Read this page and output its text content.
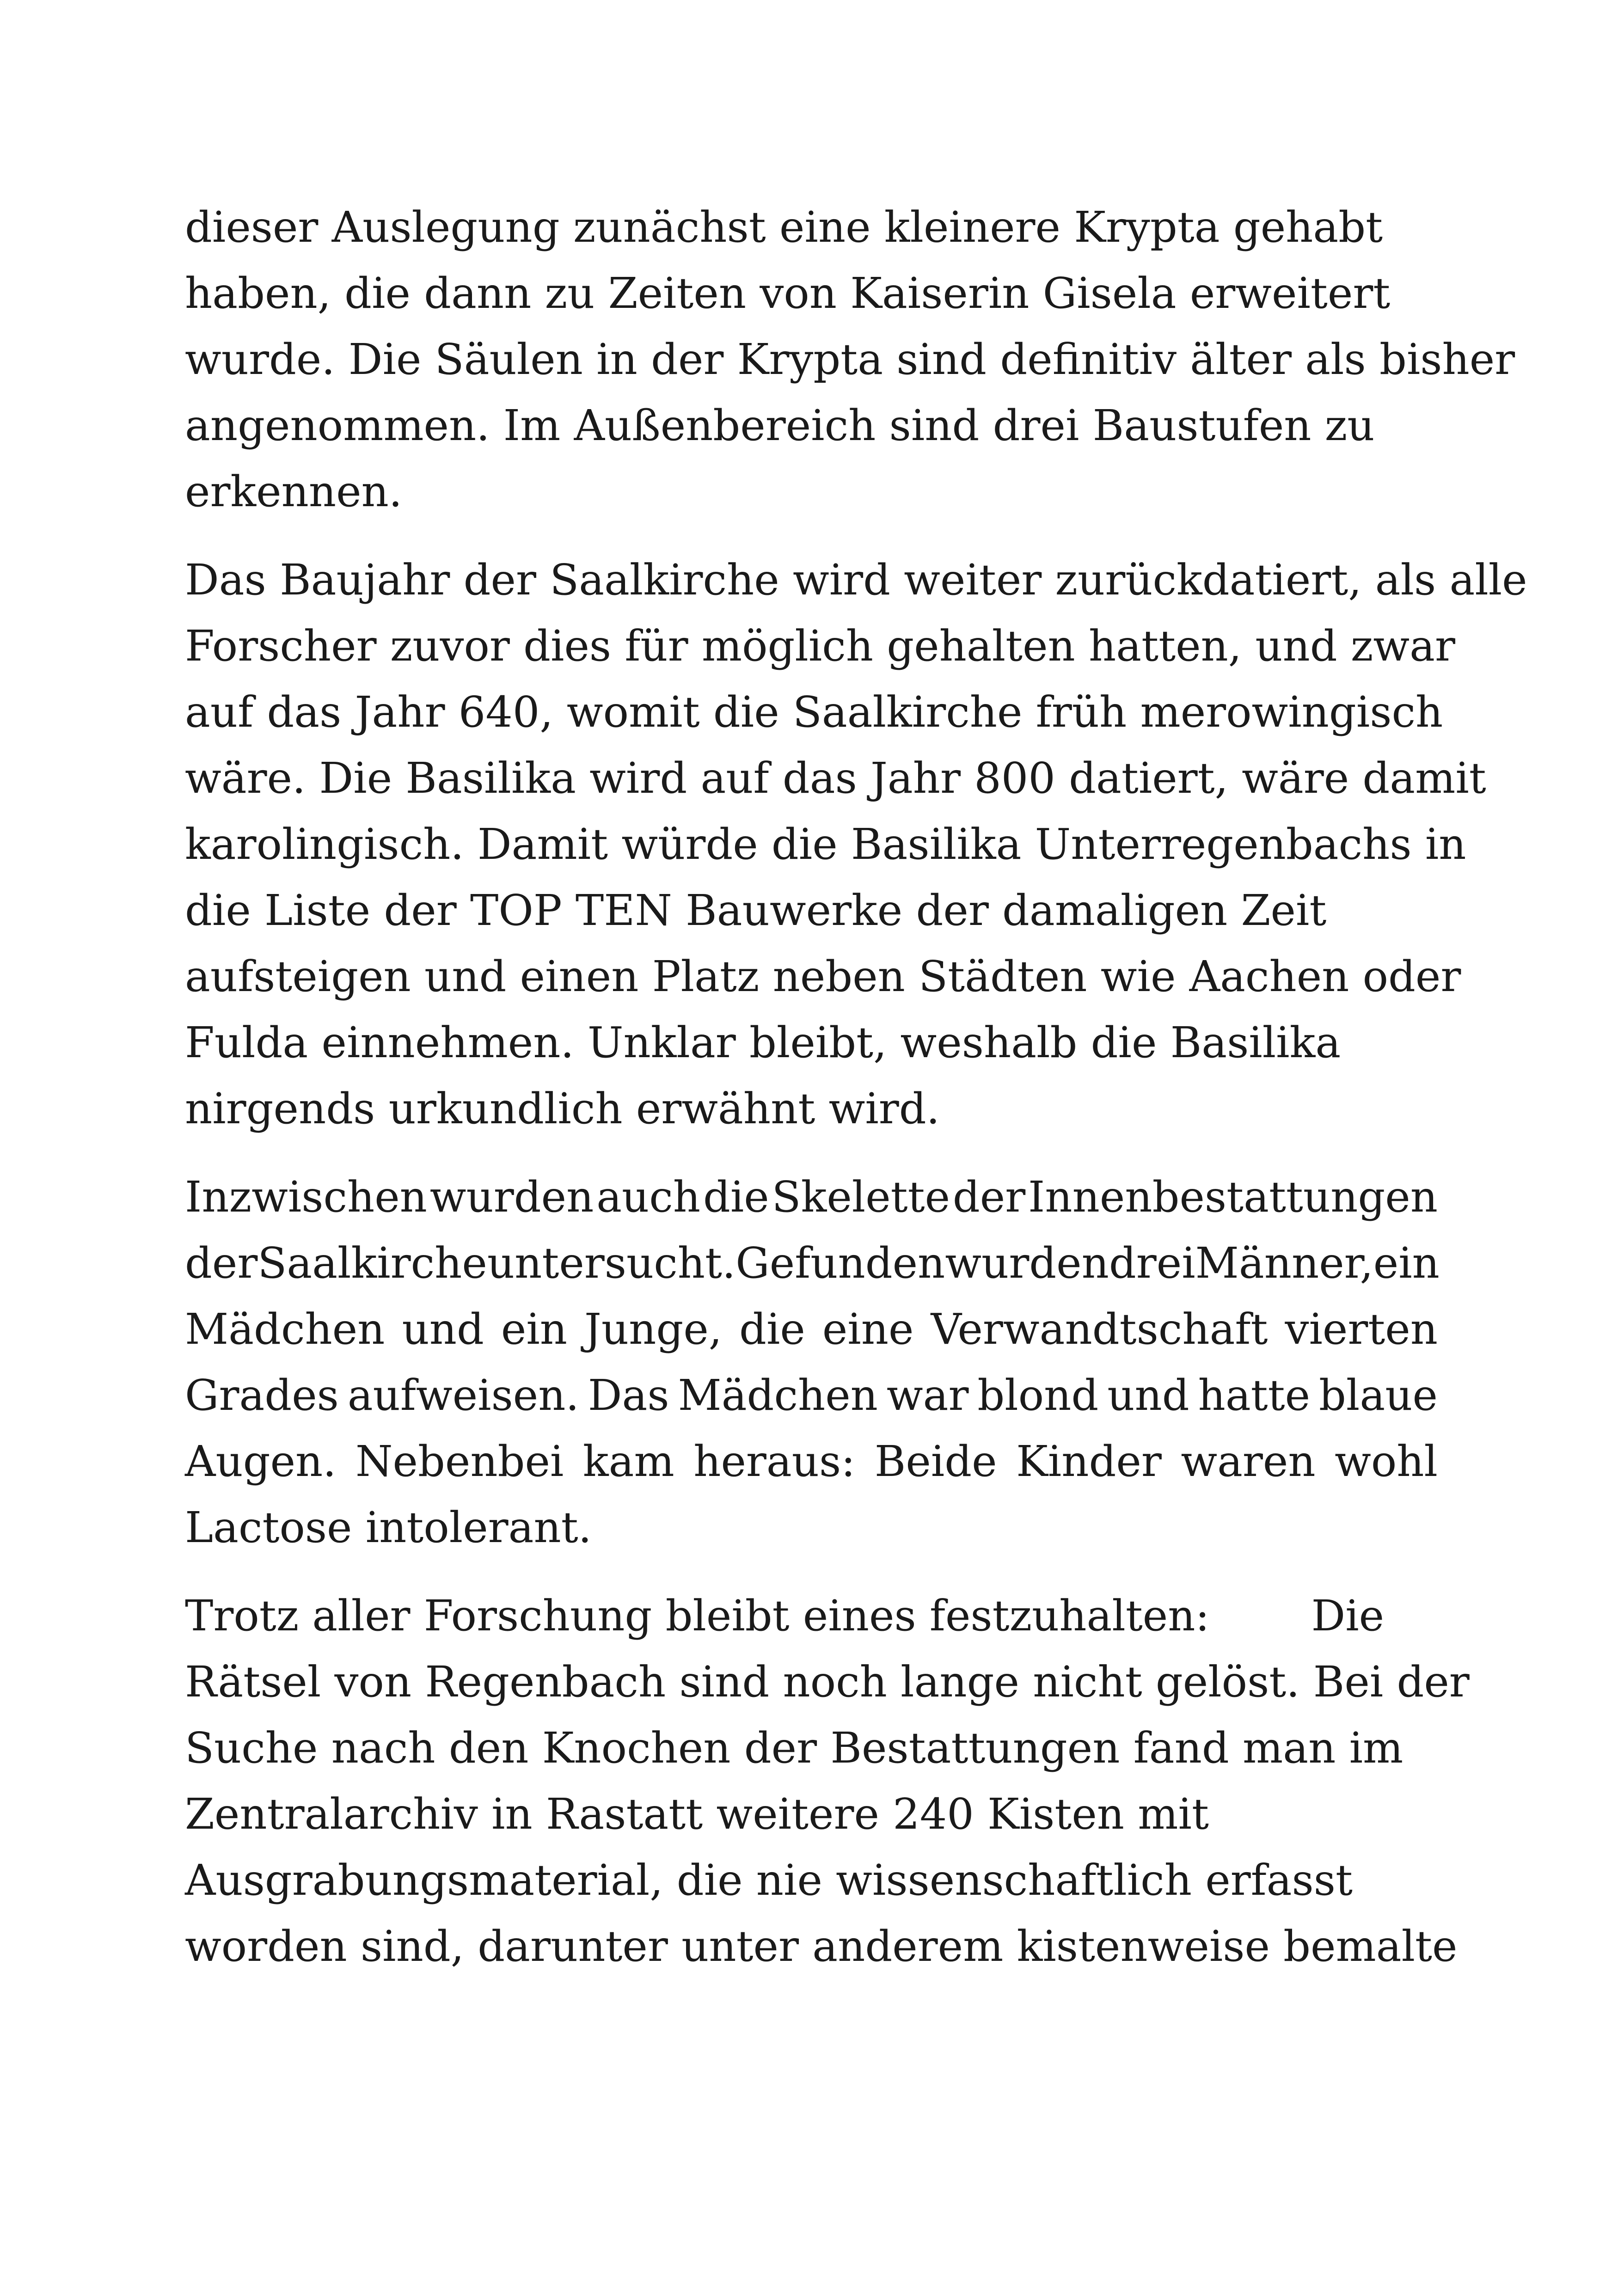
dieser Auslegung zunächst eine kleinere Krypta gehabt
haben, die dann zu Zeiten von Kaiserin Gisela erweitert
wurde. Die Säulen in der Krypta sind definitiv älter als bisher
angenommen. Im Außenbereich sind drei Baustufen zu
erkennen.
Das Baujahr der Saalkirche wird weiter zurückdatiert, als alle
Forscher zuvor dies für möglich gehalten hatten, und zwar
auf das Jahr 640, womit die Saalkirche früh merowingisch
wäre. Die Basilika wird auf das Jahr 800 datiert, wäre damit
karolingisch. Damit würde die Basilika Unterregenbachs in
die Liste der TOP TEN Bauwerke der damaligen Zeit
aufsteigen und einen Platz neben Städten wie Aachen oder
Fulda einnehmen. Unklar bleibt, weshalb die Basilika
nirgends urkundlich erwähnt wird.
Inzwischen wurden auch die Skelette der Innenbestattungen
der Saalkirche untersucht. Gefunden wurden drei Männer, ein
Mädchen und ein Junge, die eine Verwandtschaft vierten
Grades aufweisen. Das Mädchen war blond und hatte blaue
Augen. Nebenbei kam heraus: Beide Kinder waren wohl
Lactose intolerant.
Trotz aller Forschung bleibt eines festzuhalten: Die
Rätsel von Regenbach sind noch lange nicht gelöst. Bei der
Suche nach den Knochen der Bestattungen fand man im
Zentralarchiv in Rastatt weitere 240 Kisten mit
Ausgrabungsmaterial, die nie wissenschaftlich erfasst
worden sind, darunter unter anderem kistenweise bemalte
